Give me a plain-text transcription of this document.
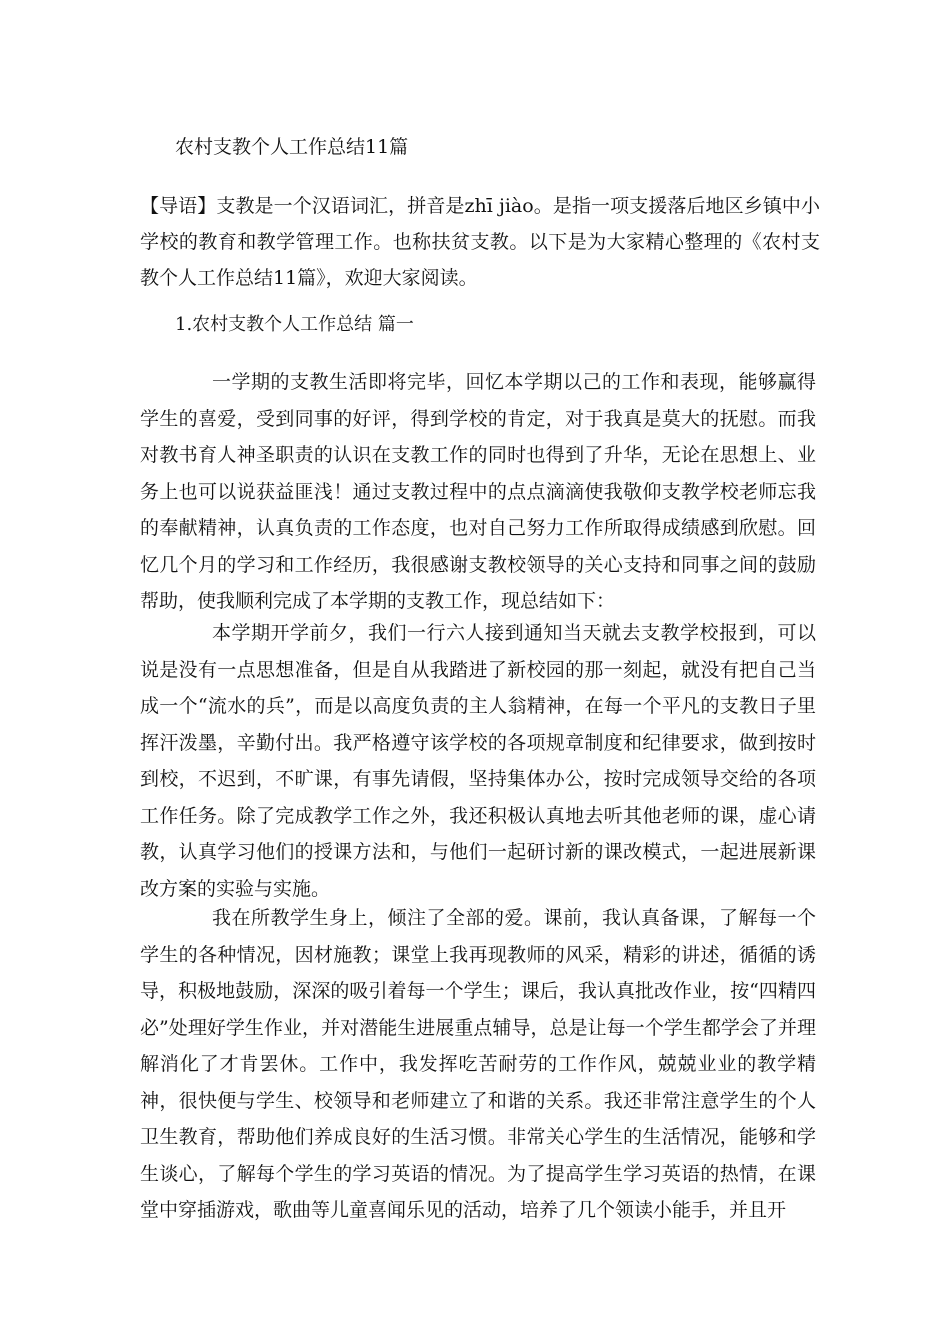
农村支教个人工作总结11篇

【导语】支教是一个汉语词汇，拼音是zhī jiào。是指一项支援落后地区乡镇中小学校的教育和教学管理工作。也称扶贫支教。以下是为大家精心整理的《农村支教个人工作总结11篇》，欢迎大家阅读。

1.农村支教个人工作总结 篇一

一学期的支教生活即将完毕，回忆本学期以己的工作和表现，能够赢得学生的喜爱，受到同事的好评，得到学校的肯定，对于我真是莫大的抚慰。而我对教书育人神圣职责的认识在支教工作的同时也得到了升华，无论在思想上、业务上也可以说获益匪浅！通过支教过程中的点点滴滴使我敬仰支教学校老师忘我的奉献精神，认真负责的工作态度，也对自己努力工作所取得成绩感到欣慰。回忆几个月的学习和工作经历，我很感谢支教校领导的关心支持和同事之间的鼓励帮助，使我顺利完成了本学期的支教工作，现总结如下：

本学期开学前夕，我们一行六人接到通知当天就去支教学校报到，可以说是没有一点思想准备，但是自从我踏进了新校园的那一刻起，就没有把自己当成一个“流水的兵”，而是以高度负责的主人翁精神，在每一个平凡的支教日子里挥汗泼墨，辛勤付出。我严格遵守该学校的各项规章制度和纪律要求，做到按时到校，不迟到，不旷课，有事先请假，坚持集体办公，按时完成领导交给的各项工作任务。除了完成教学工作之外，我还积极认真地去听其他老师的课，虚心请教，认真学习他们的授课方法和，与他们一起研讨新的课改模式，一起进展新课改方案的实验与实施。

我在所教学生身上，倾注了全部的爱。课前，我认真备课，了解每一个学生的各种情况，因材施教；课堂上我再现教师的风采，精彩的讲述，循循的诱导，积极地鼓励，深深的吸引着每一个学生；课后，我认真批改作业，按“四精四必”处理好学生作业，并对潜能生进展重点辅导，总是让每一个学生都学会了并理解消化了才肯罢休。工作中，我发挥吃苦耐劳的工作作风，兢兢业业的教学精神，很快便与学生、校领导和老师建立了和谐的关系。我还非常注意学生的个人卫生教育，帮助他们养成良好的生活习惯。非常关心学生的生活情况，能够和学生谈心，了解每个学生的学习英语的情况。为了提高学生学习英语的热情，在课堂中穿插游戏，歌曲等儿童喜闻乐见的活动，培养了几个领读小能手，并且开
